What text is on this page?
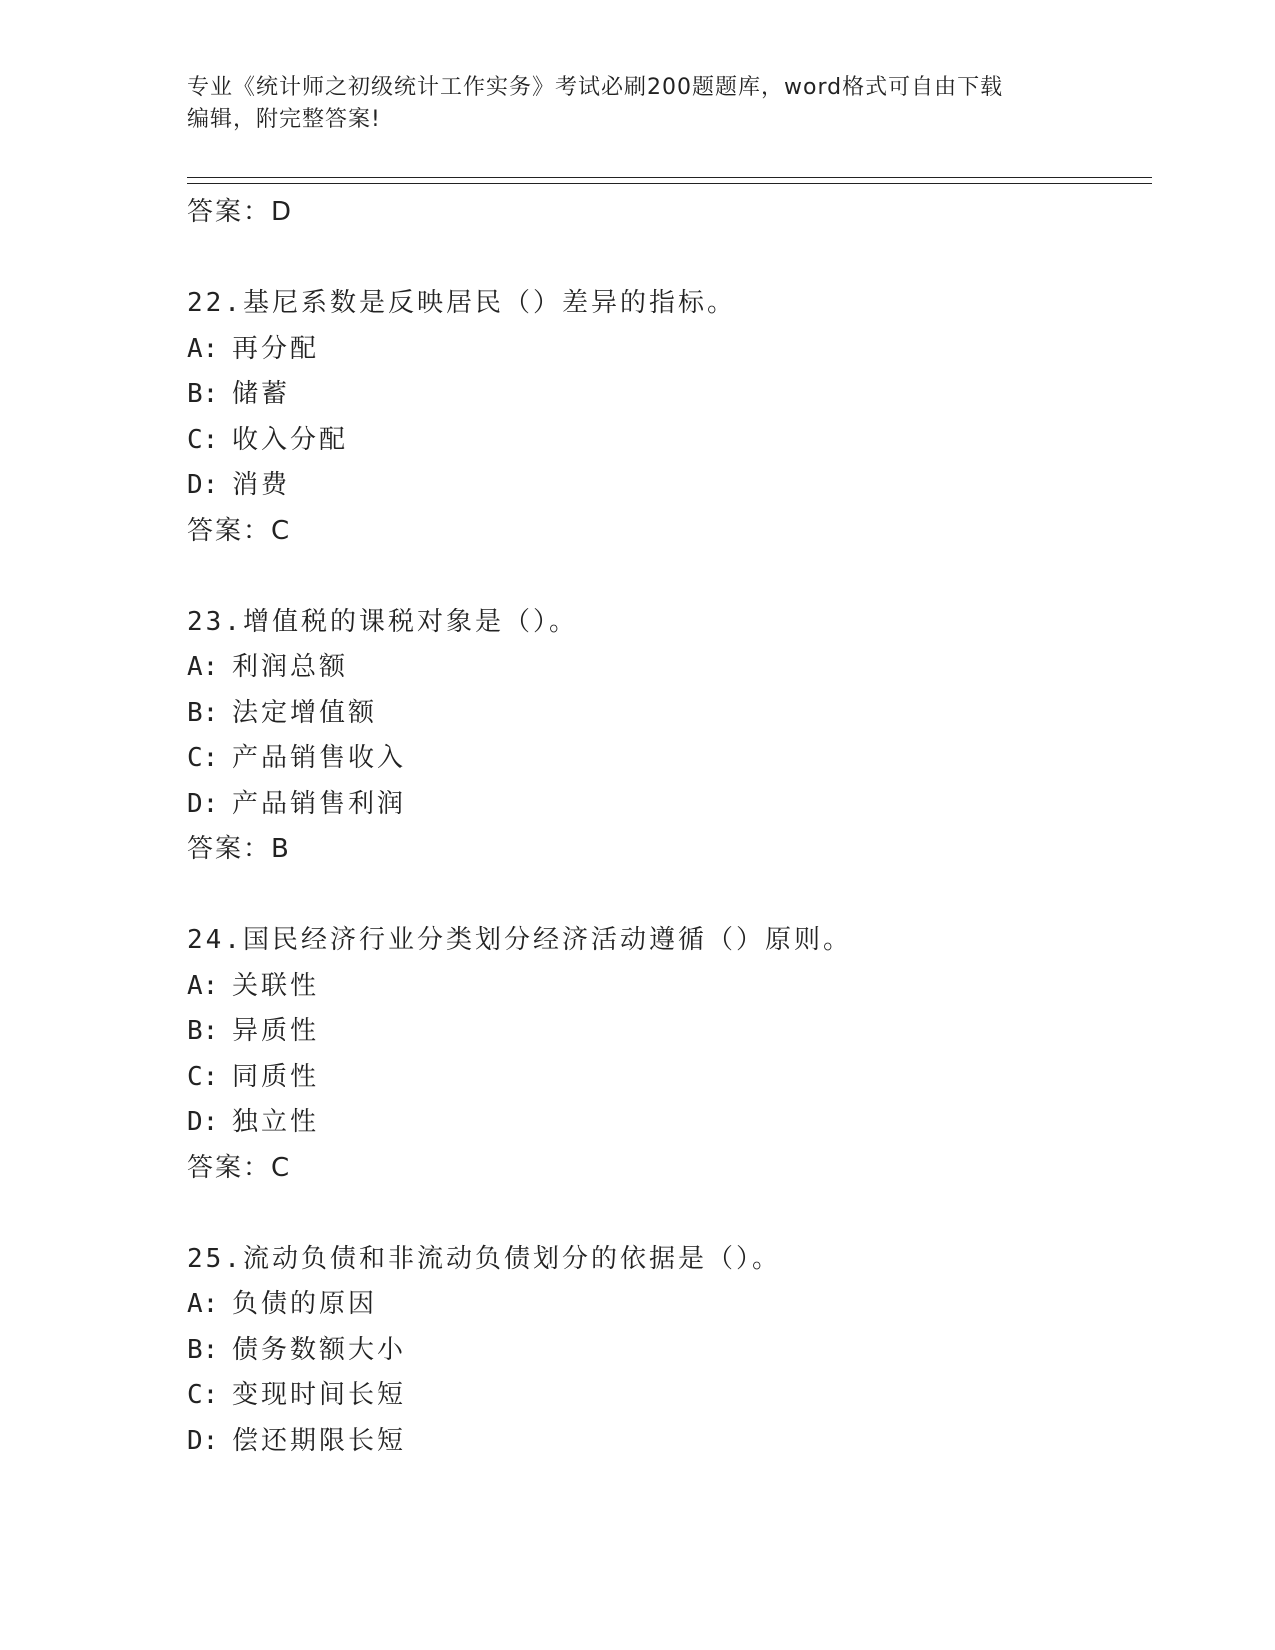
专业《统计师之初级统计工作实务》考试必刷200题题库，word格式可自由下载
编辑，附完整答案!
答案：D
22.基尼系数是反映居民（）差异的指标。
A: 再分配
B: 储蓄
C: 收入分配
D: 消费
答案：C
23.增值税的课税对象是（）。
A: 利润总额
B: 法定增值额
C: 产品销售收入
D: 产品销售利润
答案：B
24.国民经济行业分类划分经济活动遵循（）原则。
A: 关联性
B: 异质性
C: 同质性
D: 独立性
答案：C
25.流动负债和非流动负债划分的依据是（）。
A: 负债的原因
B: 债务数额大小
C: 变现时间长短
D: 偿还期限长短
